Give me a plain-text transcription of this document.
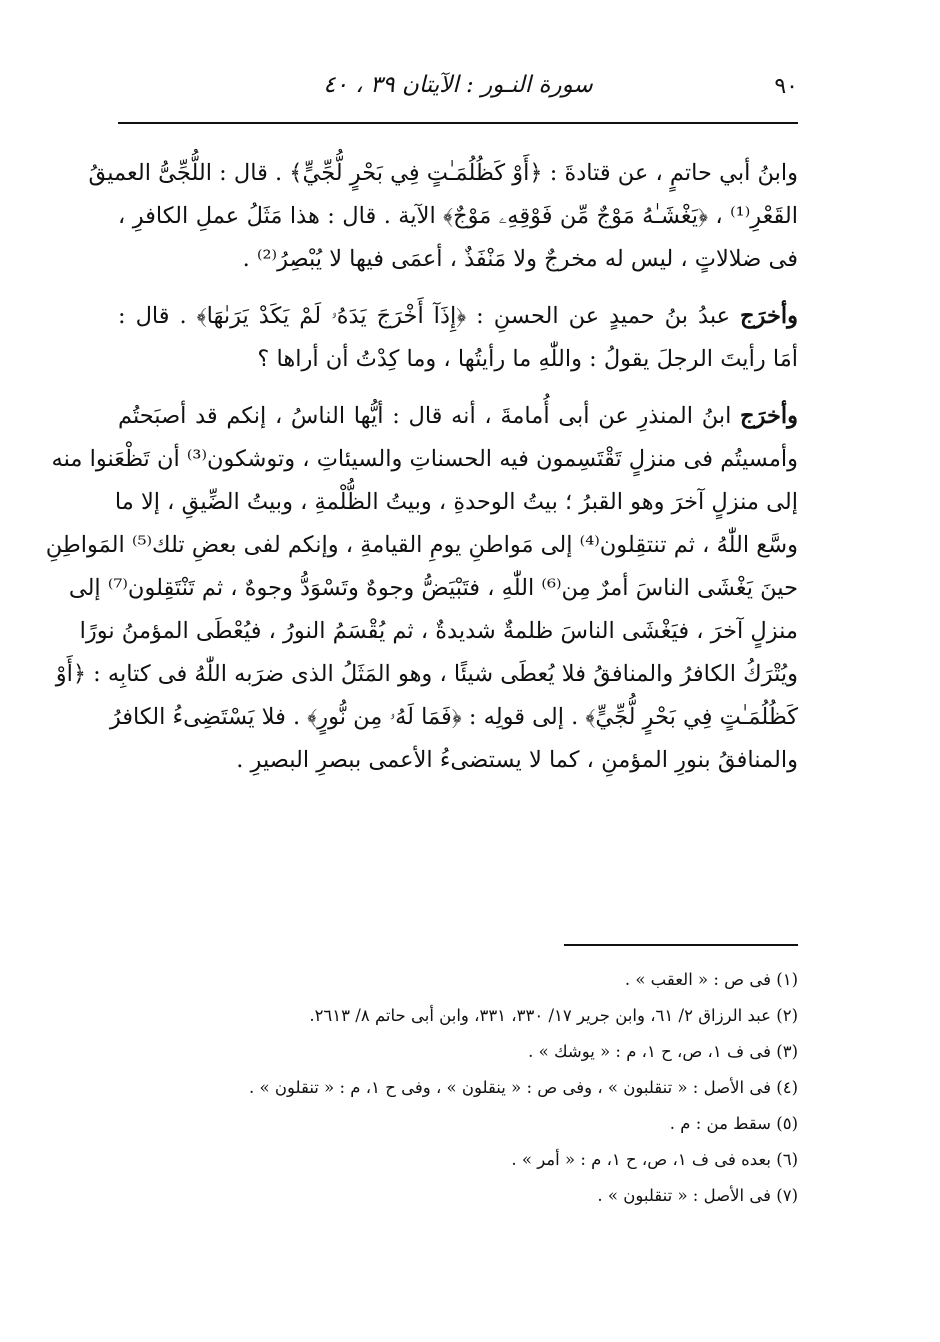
٩٠
سورة النـور : الآيتان ٣٩ ، ٤٠

وابنُ أبي حاتمٍ ، عن قتادةَ : ﴿أَوْ كَظُلُمَـٰتٍ فِي بَحْرٍ لُّجِّيٍّ﴾ . قال : اللُّجِّىُّ العميقُ
القَعْرِ⁽¹⁾ ، ﴿يَغْشَـٰهُ مَوْجٌ مِّن فَوْقِهِۦ مَوْجٌ﴾ الآية . قال : هذا مَثَلُ عملِ الكافرِ ،
فى ضلالاتٍ ، ليس له مخرجٌ ولا مَنْفَذٌ ، أعمَى فيها لا يُبْصِرُ⁽²⁾ .

وأخرَج عبدُ بنُ حميدٍ عن الحسنِ : ﴿إِذَآ أَخْرَجَ يَدَهُۥ لَمْ يَكَدْ يَرَىٰهَا﴾ . قال :
أمَا رأيتَ الرجلَ يقولُ : واللّٰهِ ما رأيتُها ، وما كِدْتُ أن أراها ؟

وأخرَج ابنُ المنذرِ عن أبى أُمامةَ ، أنه قال : أيُّها الناسُ ، إنكم قد أصبَحتُم
وأمسيتُم فى منزلٍ تَقْتَسِمون فيه الحسناتِ والسيئاتِ ، وتوشكون⁽³⁾ أن تَظْعَنوا منه
إلى منزلٍ آخرَ وهو القبرُ ؛ بيتُ الوحدةِ ، وبيتُ الظُّلْمةِ ، وبيتُ الضِّيقِ ، إلا ما
وسَّع اللّٰهُ ، ثم تنتقِلون⁽⁴⁾ إلى مَواطنِ يومِ القيامةِ ، وإنكم لفى بعضِ تلك⁽⁵⁾ المَواطِنِ
حينَ يَغْشَى الناسَ أمرٌ مِن⁽⁶⁾ اللّٰهِ ، فتَبْيَضُّ وجوهٌ وتَسْوَدُّ وجوهٌ ، ثم تَنْتَقِلون⁽⁷⁾ إلى
منزلٍ آخرَ ، فيَغْشَى الناسَ ظلمةٌ شديدةٌ ، ثم يُقْسَمُ النورُ ، فيُعْطَى المؤمنُ نورًا
ويُتْرَكُ الكافرُ والمنافقُ فلا يُعطَى شيئًا ، وهو المَثَلُ الذى ضرَبه اللّٰهُ فى كتابِه : ﴿أَوْ
كَظُلُمَـٰتٍ فِي بَحْرٍ لُّجِّيٍّ﴾ . إلى قولِه : ﴿فَمَا لَهُۥ مِن نُّورٍ﴾ . فلا يَسْتَضِىءُ الكافرُ
والمنافقُ بنورِ المؤمنِ ، كما لا يستضىءُ الأعمى ببصرِ البصيرِ .

(١) فى ص : « العقب » .
(٢) عبد الرزاق ٢/ ٦١، وابن جرير ١٧/ ٣٣٠، ٣٣١، وابن أبى حاتم ٨/ ٢٦١٣.
(٣) فى ف ١، ص، ح ١، م : « يوشك » .
(٤) فى الأصل : « تنقلبون » ، وفى ص : « ينقلون » ، وفى ح ١، م : « تنقلون » .
(٥) سقط من : م .
(٦) بعده فى ف ١، ص، ح ١، م : « أمر » .
(٧) فى الأصل : « تنقلبون » .
